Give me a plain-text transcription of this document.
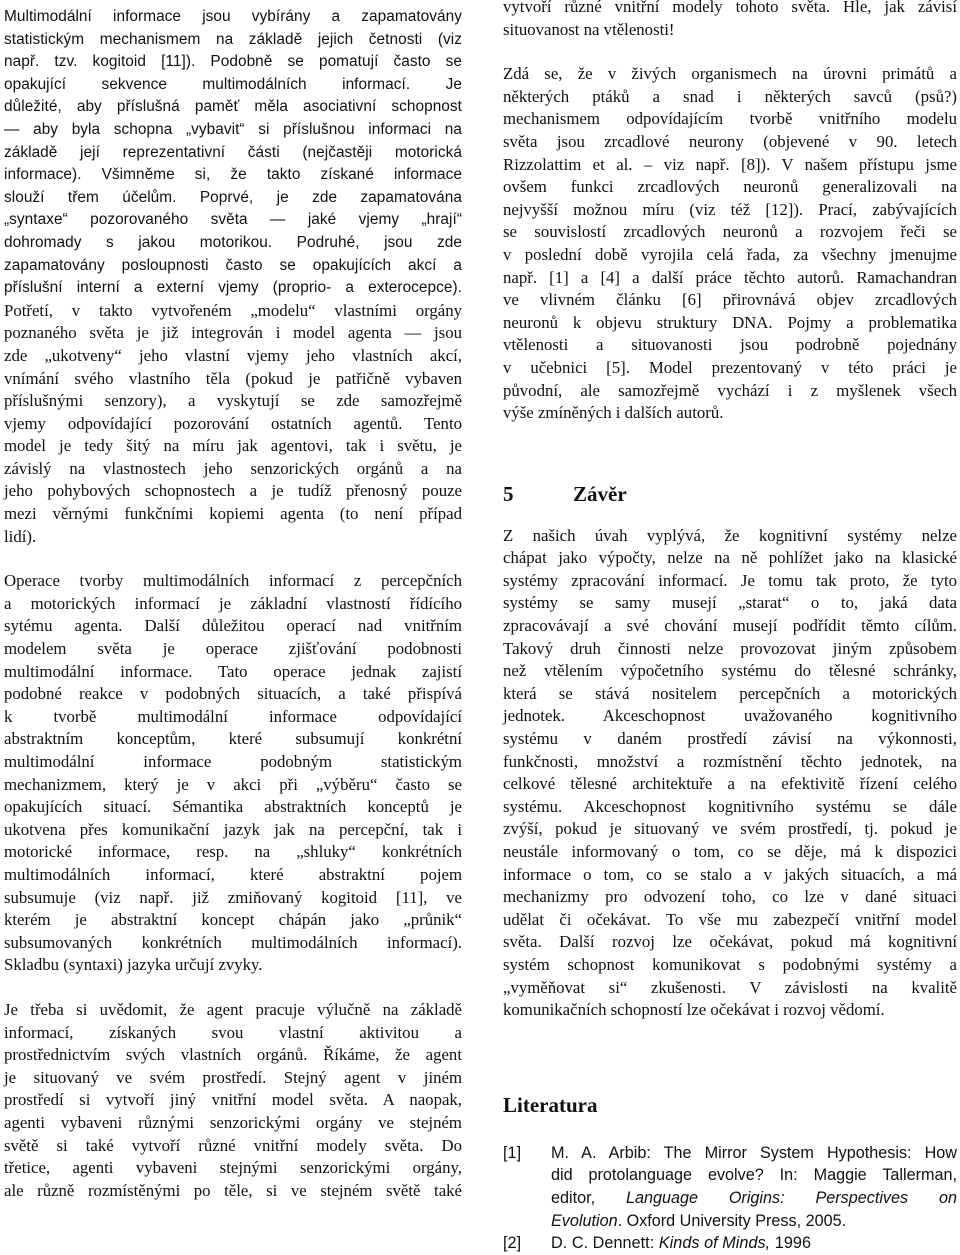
Multimodální informace jsou vybírány a zapamatovány
statistickým mechanismem na základě jejich četnosti (viz
např. tzv. kogitoid [11]). Podobně se pomatují často se
opakující sekvence multimodálních informací. Je
důležité, aby příslušná paměť měla asociativní schopnost
— aby byla schopna „vybavit“ si příslušnou informaci na
základě její reprezentativní části (nejčastěji motorická
informace). Všimněme si, že takto získané informace
slouží třem účelům. Poprvé, je zde zapamatována
„syntaxe“ pozorovaného světa — jaké vjemy „hrají“
dohromady s jakou motorikou. Podruhé, jsou zde
zapamatovány posloupnosti často se opakujících akcí a
příslušní interní a externí vjemy (proprio- a exterocepce).
Potřetí, v takto vytvořeném „modelu“ vlastními orgány
poznaného světa je již integrován i model agenta — jsou
zde „ukotveny“ jeho vlastní vjemy jeho vlastních akcí,
vnímání svého vlastního těla (pokud je patřičně vybaven
příslušnými senzory), a vyskytují se zde samozřejmě
vjemy odpovídající pozorování ostatních agentů. Tento
model je tedy šitý na míru jak agentovi, tak i světu, je
závislý na vlastnostech jeho senzorických orgánů a na
jeho pohybových schopnostech a je tudíž přenosný pouze
mezi věrnými funkčními kopiemi agenta (to není případ
lidí).
Operace tvorby multimodálních informací z percepčních
a motorických informací je základní vlastností řídícího
sytému agenta. Další důležitou operací nad vnitřním
modelem světa je operace zjišťování podobnosti
multimodální informace. Tato operace jednak zajistí
podobné reakce v podobných situacích, a také přispívá
k tvorbě multimodální informace odpovídající
abstraktním konceptům, které subsumují konkrétní
multimodální informace podobným statistickým
mechanizmem, který je v akci při „výběru“ často se
opakujících situací. Sémantika abstraktních konceptů je
ukotvena přes komunikační jazyk jak na percepční, tak i
motorické informace, resp. na „shluky“ konkrétních
multimodálních informací, které abstraktní pojem
subsumuje (viz např. již zmiňovaný kogitoid [11], ve
kterém je abstraktní koncept chápán jako „průnik“
subsumovaných konkrétních multimodálních informací).
Skladbu (syntaxi) jazyka určují zvyky.
Je třeba si uvědomit, že agent pracuje výlučně na základě
informací, získaných svou vlastní aktivitou a
prostřednictvím svých vlastních orgánů. Říkáme, že agent
je situovaný ve svém prostředí. Stejný agent v jiném
prostředí si vytvoří jiný vnitřní model světa. A naopak,
agenti vybaveni různými senzorickými orgány ve stejném
světě si také vytvoří různé vnitřní modely světa. Do
třetice, agenti vybaveni stejnými senzorickými orgány,
ale různě rozmístěnými po těle, si ve stejném světě také
vytvoří různé vnitřní modely tohoto světa. Hle, jak závisí
situovanost na vtělenosti!
Zdá se, že v živých organismech na úrovni primátů a
některých ptáků a snad i některých savců (psů?)
mechanismem odpovídajícím tvorbě vnitřního modelu
světa jsou zrcadlové neurony (objevené v 90. letech
Rizzolattim et al. – viz např. [8]). V našem přístupu jsme
ovšem funkci zrcadlových neuronů generalizovali na
nejvyšší možnou míru (viz též [12]). Prací, zabývajících
se souvislostí zrcadlových neuronů a rozvojem řeči se
v poslední době vyrojila celá řada, za všechny jmenujme
např. [1] a [4] a další práce těchto autorů. Ramachandran
ve vlivném článku [6] přirovnává objev zrcadlových
neuronů k objevu struktury DNA. Pojmy a problematika
vtělenosti a situovanosti jsou podrobně pojednány
v učebnici [5]. Model prezentovaný v této práci je
původní, ale samozřejmě vychází i z myšlenek všech
výše zmíněných i dalších autorů.
5	Závěr
Z našich úvah vyplývá, že kognitivní systémy nelze
chápat jako výpočty, nelze na ně pohlížet jako na klasické
systémy zpracování informací. Je tomu tak proto, že tyto
systémy se samy musejí „starat“ o to, jaká data
zpracovávají a své chování musejí podřídit těmto cílům.
Takový druh činnosti nelze provozovat jiným způsobem
než vtělením výpočetního systému do tělesné schránky,
která se stává nositelem percepčních a motorických
jednotek. Akceschopnost uvažovaného kognitivního
systému v daném prostředí závisí na výkonnosti,
funkčnosti, množství a rozmístnění těchto jednotek, na
celkové tělesné architektuře a na efektivitě řízení celého
systému. Akceschopnost kognitivního systému se dále
zvýší, pokud je situovaný ve svém prostředí, tj. pokud je
neustále informovaný o tom, co se děje, má k dispozici
informace o tom, co se stalo a v jakých situacích, a má
mechanizmy pro odvození toho, co lze v dané situaci
udělat či očekávat. To vše mu zabezpečí vnitřní model
světa. Další rozvoj lze očekávat, pokud má kognitivní
systém schopnost komunikovat s podobnými systémy a
„vyměňovat si“ zkušenosti. V závislosti na kvalitě
komunikačních schopností lze očekávat i rozvoj vědomí.
Literatura
[1] M. A. Arbib: The Mirror System Hypothesis: How
did protolanguage evolve? In: Maggie Tallerman,
editor, Language Origins: Perspectives on
Evolution. Oxford University Press, 2005.
[2] D. C. Dennett: Kinds of Minds, 1996
